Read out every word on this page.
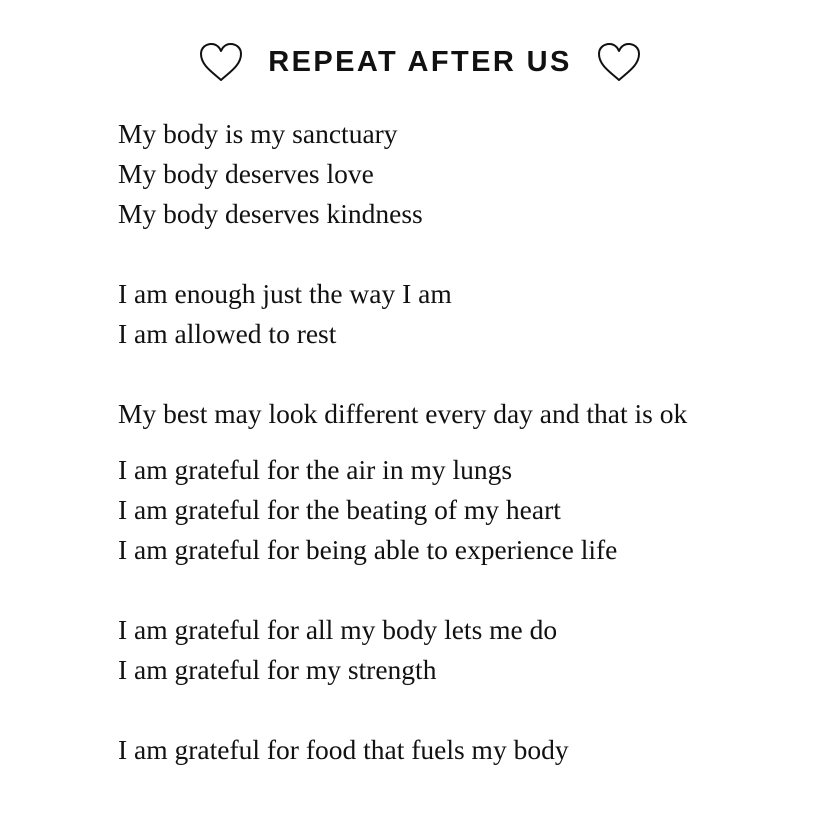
REPEAT AFTER US
My body is my sanctuary
My body deserves love
My body deserves kindness
I am enough just the way I am
I am allowed to rest
My best may look different every day and that is ok
I am grateful for the air in my lungs
I am grateful for the beating of my heart
I am grateful for being able to experience life
I am grateful for all my body lets me do
I am grateful for my strength
I am grateful for food that fuels my body
